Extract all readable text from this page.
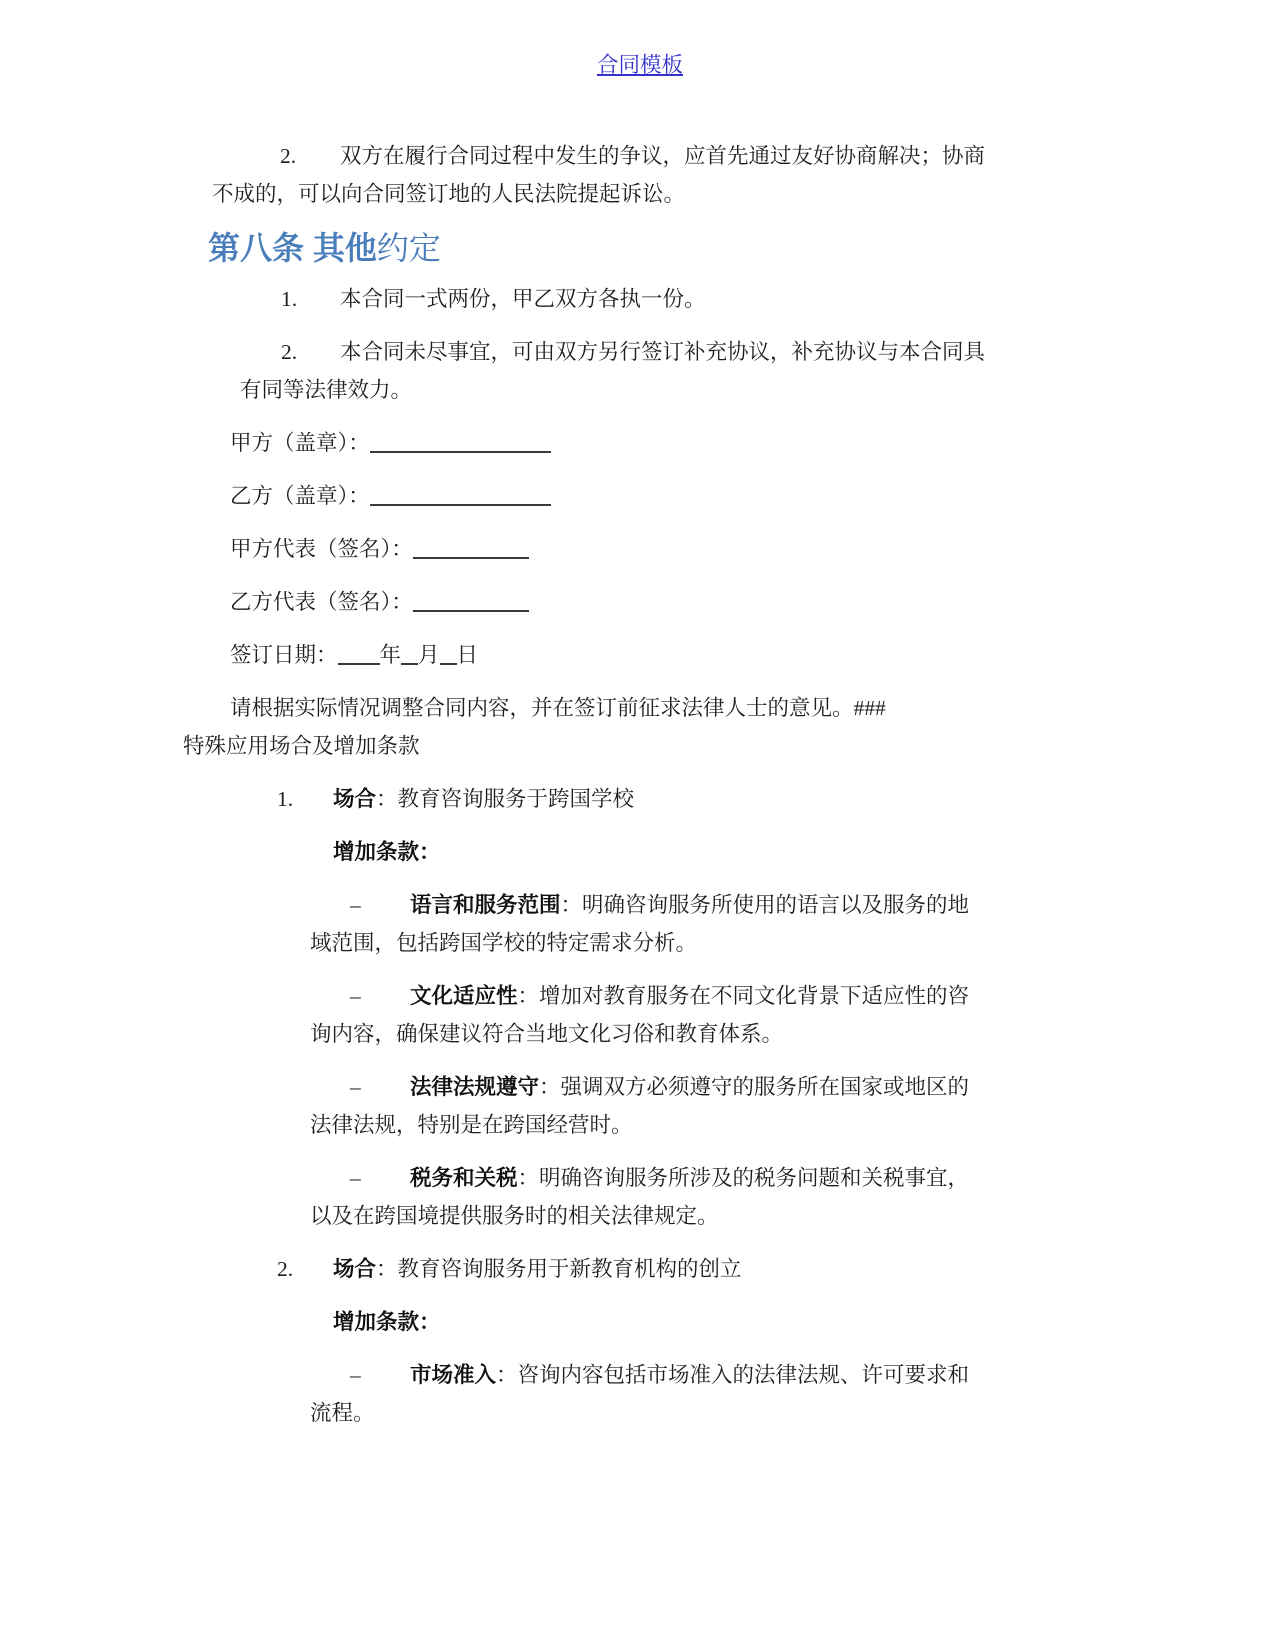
合同模板
2. 双方在履行合同过程中发生的争议，应首先通过友好协商解决；协商
不成的，可以向合同签订地的人民法院提起诉讼。
第八条 其他约定
1. 本合同一式两份，甲乙双方各执一份。
2. 本合同未尽事宜，可由双方另行签订补充协议，补充协议与本合同具
有同等法律效力。
甲方（盖章）：
乙方（盖章）：
甲方代表（签名）：
乙方代表（签名）：
签订日期： 年 月 日
请根据实际情况调整合同内容，并在签订前征求法律人士的意见。###
特殊应用场合及增加条款
1. 场合：教育咨询服务于跨国学校
增加条款：
– 语言和服务范围：明确咨询服务所使用的语言以及服务的地
域范围，包括跨国学校的特定需求分析。
– 文化适应性：增加对教育服务在不同文化背景下适应性的咨
询内容，确保建议符合当地文化习俗和教育体系。
– 法律法规遵守：强调双方必须遵守的服务所在国家或地区的
法律法规，特别是在跨国经营时。
– 税务和关税：明确咨询服务所涉及的税务问题和关税事宜，
以及在跨国境提供服务时的相关法律规定。
2. 场合：教育咨询服务用于新教育机构的创立
增加条款：
– 市场准入：咨询内容包括市场准入的法律法规、许可要求和
流程。
